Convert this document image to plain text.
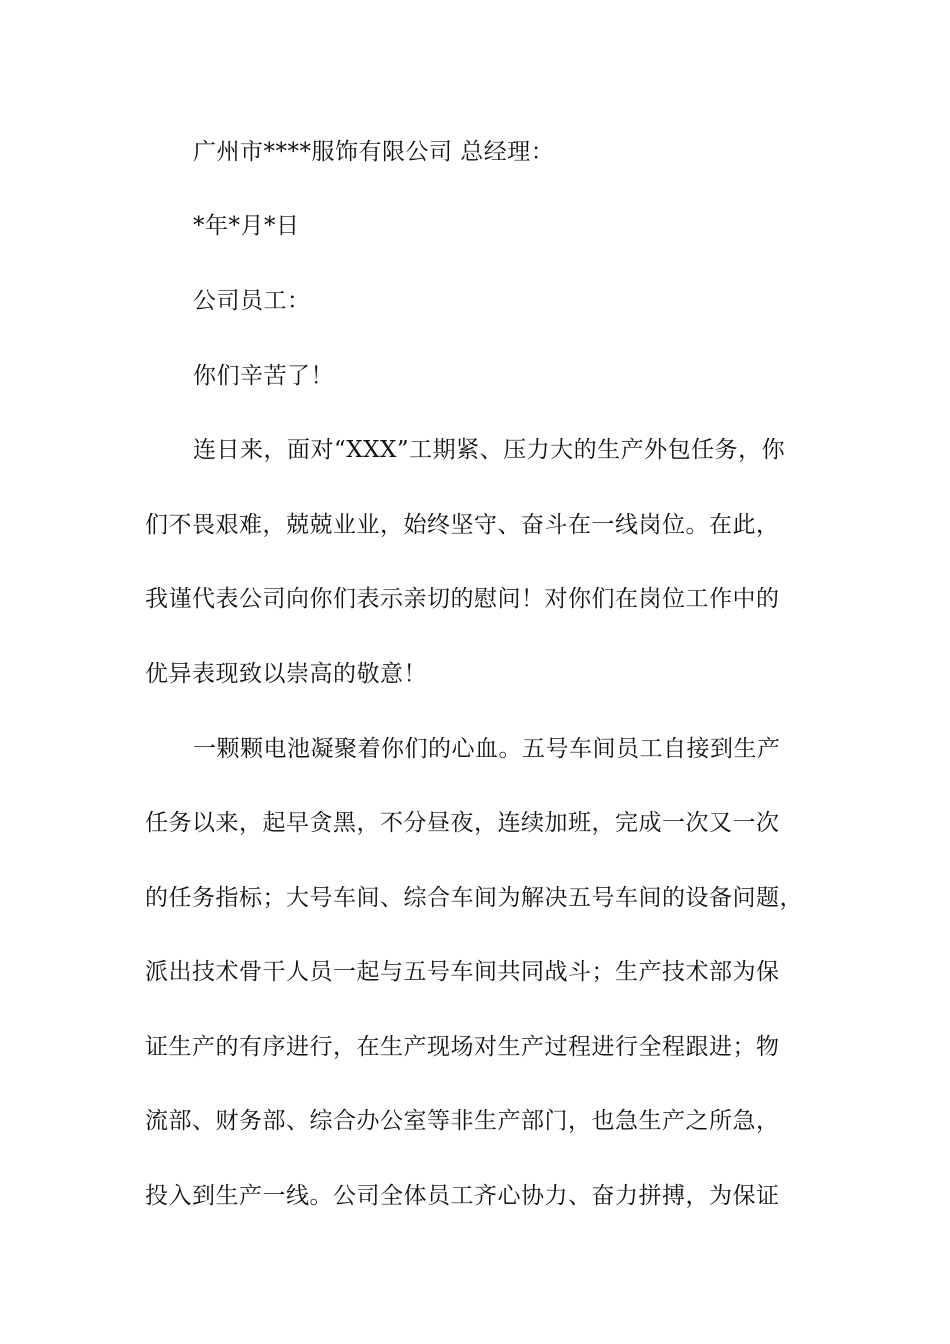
广州市****服饰有限公司 总经理：
*年*月*日
公司员工：
你们辛苦了！
连日来，面对“XXX”工期紧、压力大的生产外包任务，你
们不畏艰难，兢兢业业，始终坚守、奋斗在一线岗位。在此，
我谨代表公司向你们表示亲切的慰问！对你们在岗位工作中的
优异表现致以崇高的敬意！
一颗颗电池凝聚着你们的心血。五号车间员工自接到生产
任务以来，起早贪黑，不分昼夜，连续加班，完成一次又一次
的任务指标；大号车间、综合车间为解决五号车间的设备问题，
派出技术骨干人员一起与五号车间共同战斗；生产技术部为保
证生产的有序进行，在生产现场对生产过程进行全程跟进；物
流部、财务部、综合办公室等非生产部门，也急生产之所急，
投入到生产一线。公司全体员工齐心协力、奋力拼搏，为保证
